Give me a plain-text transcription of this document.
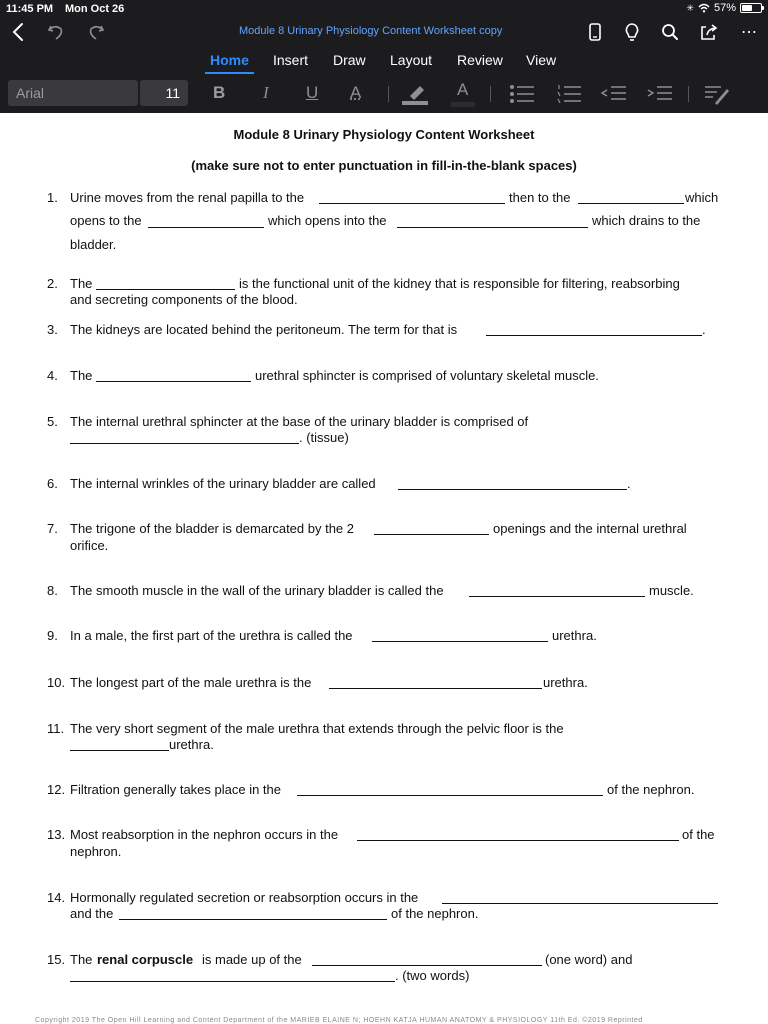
11:45 PM Mon Oct 26	✳ 57%
Module 8 Urinary Physiology Content Worksheet copy	⋯
Home Insert Draw Layout Review View
Arial	11	B I U A	A
Module 8 Urinary Physiology Content Worksheet
(make sure not to enter punctuation in fill-in-the-blank spaces)
1. Urine moves from the renal papilla to the	then to the	which
opens to the	which opens into the	which drains to the
bladder.
2. The	is the functional unit of the kidney that is responsible for filtering, reabsorbing
and secreting components of the blood.
3. The kidneys are located behind the peritoneum. The term for that is	.
4. The	urethral sphincter is comprised of voluntary skeletal muscle.
5. The internal urethral sphincter at the base of the urinary bladder is comprised of
. (tissue)
6. The internal wrinkles of the urinary bladder are called	.
7. The trigone of the bladder is demarcated by the 2	openings and the internal urethral
orifice.
8. The smooth muscle in the wall of the urinary bladder is called the	muscle.
9. In a male, the first part of the urethra is called the	urethra.
10. The longest part of the male urethra is the	urethra.
11. The very short segment of the male urethra that extends through the pelvic floor is the
urethra.
12. Filtration generally takes place in the	of the nephron.
13. Most reabsorption in the nephron occurs in the	of the
nephron.
14. Hormonally regulated secretion or reabsorption occurs in the
and the	of the nephron.
15. The renal corpuscle is made up of the	(one word) and
. (two words)
Copyright 2019 The Open Hill Learning and Content Department of the MARIEB ELAINE N; HOEHN KATJA HUMAN ANATOMY & PHYSIOLOGY 11th Ed. ©2019 Reprinted
